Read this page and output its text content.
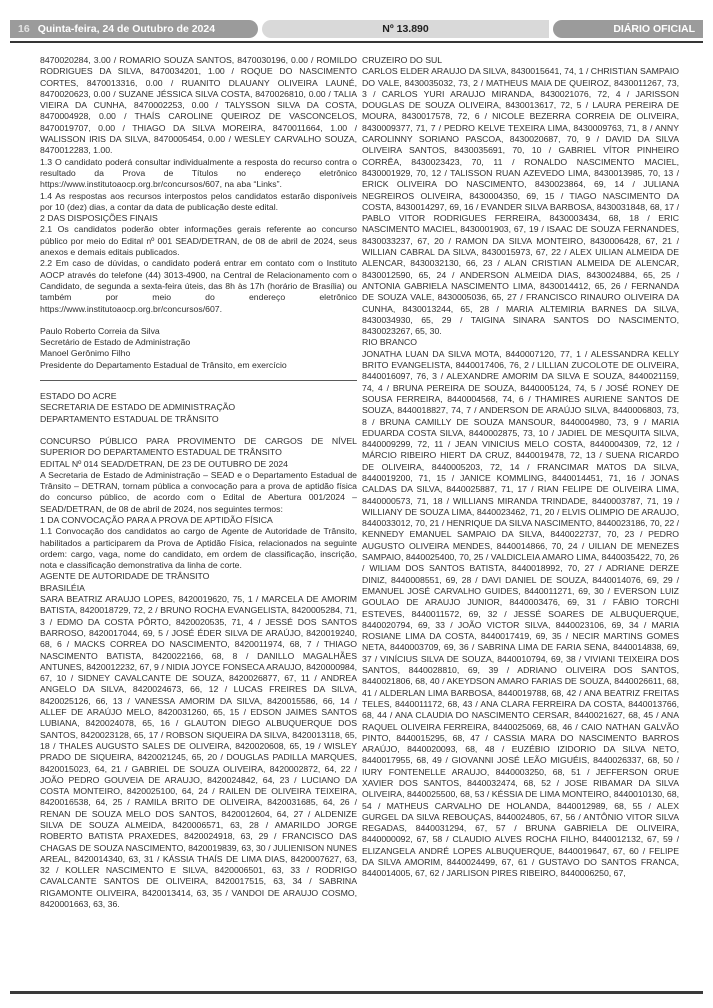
16 Quinta-feira, 24 de Outubro de 2024	Nº 13.890	DIÁRIO OFICIAL

8470020284, 3.00 / ROMARIO SOUZA SANTOS, 8470030196, 0.00 / ROMILDO RODRIGUES DA SILVA, 8470034201, 1.00 / ROQUE DO NASCIMENTO CORTES, 8470013316, 0.00 / RUANITO DLAUANY OLIVEIRA LAUNÉ, 8470020623, 0.00 / SUZANE JÉSSICA SILVA COSTA, 8470026810, 0.00 / TALIA VIEIRA DA CUNHA, 8470002253, 0.00 / TALYSSON SILVA DA COSTA, 8470004928, 0.00 / THAÍS CAROLINE QUEIROZ DE VASCONCELOS, 8470019707, 0.00 / THIAGO DA SILVA MOREIRA, 8470011664, 1.00 / WALISSON IRIS DA SILVA, 8470005454, 0.00 / WESLEY CARVALHO SOUZA, 8470012283, 1.00.

1.3 O candidato poderá consultar individualmente a resposta do recurso contra o resultado da Prova de Títulos no endereço eletrônico https://www.institutoaocp.org.br/concursos/607, na aba “Links”.

1.4 As respostas aos recursos interpostos pelos candidatos estarão disponíveis por 10 (dez) dias, a contar da data de publicação deste edital.

2 DAS DISPOSIÇÕES FINAIS

2.1 Os candidatos poderão obter informações gerais referente ao concurso público por meio do Edital nº 001 SEAD/DETRAN, de 08 de abril de 2024, seus anexos e demais editais publicados.

2.2 Em caso de dúvidas, o candidato poderá entrar em contato com o Instituto AOCP através do telefone (44) 3013-4900, na Central de Relacionamento com o Candidato, de segunda a sexta-feira úteis, das 8h às 17h (horário de Brasília) ou também por meio do endereço eletrônico https://www.institutoaocp.org.br/concursos/607.

Paulo Roberto Correia da Silva

Secretário de Estado de Administração

Manoel Gerônimo Filho

Presidente do Departamento Estadual de Trânsito, em exercício

ESTADO DO ACRE

SECRETARIA DE ESTADO DE ADMINISTRAÇÃO

DEPARTAMENTO ESTADUAL DE TRÂNSITO

CONCURSO PÚBLICO PARA PROVIMENTO DE CARGOS DE NÍVEL SUPERIOR DO DEPARTAMENTO ESTADUAL DE TRÂNSITO

EDITAL Nº 014 SEAD/DETRAN, DE 23 DE OUTUBRO DE 2024

A Secretaria de Estado de Administração – SEAD e o Departamento Estadual de Trânsito – DETRAN, tornam pública a convocação para a prova de aptidão física do concurso público, de acordo com o Edital de Abertura 001/2024 – SEAD/DETRAN, de 08 de abril de 2024, nos seguintes termos:

1 DA CONVOCAÇÃO PARA A PROVA DE APTIDÃO FÍSICA

1.1 Convocação dos candidatos ao cargo de Agente de Autoridade de Trânsito, habilitados a participarem da Prova de Aptidão Física, relacionados na seguinte ordem: cargo, vaga, nome do candidato, em ordem de classificação, inscrição, nota e classificação demonstrativa da linha de corte.

AGENTE DE AUTORIDADE DE TRÂNSITO

BRASILÉIA

SARA BEATRIZ ARAUJO LOPES, 8420019620, 75, 1 / MARCELA DE AMORIM BATISTA, 8420018729, 72, 2 / BRUNO ROCHA EVANGELISTA, 8420005284, 71, 3 / EDMO DA COSTA PÔRTO, 8420020535, 71, 4 / JESSÉ DOS SANTOS BARROSO, 8420017044, 69, 5 / JOSÉ ÉDER SILVA DE ARAÚJO, 8420019240, 68, 6 / MACKS CORREA DO NASCIMENTO, 8420011974, 68, 7 / THIAGO NASCIMENTO BATISTA, 8420022166, 68, 8 / DANILLO MAGALHÃES ANTUNES, 8420012232, 67, 9 / NIDIA JOYCE FONSECA ARAUJO, 8420000984, 67, 10 / SIDNEY CAVALCANTE DE SOUZA, 8420026877, 67, 11 / ANDREA ANGELO DA SILVA, 8420024673, 66, 12 / LUCAS FREIRES DA SILVA, 8420025126, 66, 13 / VANESSA AMORIM DA SILVA, 8420015586, 66, 14 / ALLEF DE ARAÚJO MELO, 8420031260, 65, 15 / EDSON JAIMES SANTOS LUBIANA, 8420024078, 65, 16 / GLAUTON DIEGO ALBUQUERQUE DOS SANTOS, 8420023128, 65, 17 / ROBSON SIQUEIRA DA SILVA, 8420013118, 65, 18 / THALES AUGUSTO SALES DE OLIVEIRA, 8420020608, 65, 19 / WISLEY PRADO DE SIQUEIRA, 8420021245, 65, 20 / DOUGLAS PADILLA MARQUES, 8420015023, 64, 21 / GABRIEL DE SOUZA OLIVEIRA, 8420002872, 64, 22 / JOÃO PEDRO GOUVEIA DE ARAUJO, 8420024842, 64, 23 / LUCIANO DA COSTA MONTEIRO, 8420025100, 64, 24 / RAILEN DE OLIVEIRA TEIXEIRA, 8420016538, 64, 25 / RAMILA BRITO DE OLIVEIRA, 8420031685, 64, 26 / RENAN DE SOUZA MELO DOS SANTOS, 8420012604, 64, 27 / ALDENIZE SILVA DE SOUZA ALMEIDA, 8420006571, 63, 28 / AMARILDO JORGE ROBERTO BATISTA PRAXEDES, 8420024918, 63, 29 / FRANCISCO DAS CHAGAS DE SOUZA NASCIMENTO, 8420019839, 63, 30 / JULIENISON NUNES AREAL, 8420014340, 63, 31 / KÁSSIA THAÍS DE LIMA DIAS, 8420007627, 63, 32 / KOLLER NASCIMENTO E SILVA, 8420006501, 63, 33 / RODRIGO CAVALCANTE SANTOS DE OLIVEIRA, 8420017515, 63, 34 / SABRINA RIGAMONTE OLIVEIRA, 8420013414, 63, 35 / VANDOI DE ARAUJO COSMO, 8420001663, 63, 36.

CRUZEIRO DO SUL

CARLOS ELDER ARAUJO DA SILVA, 8430015641, 74, 1 / CHRISTIAN SAMPAIO DO VALE, 8430035032, 73, 2 / MATHEUS MAIA DE QUEIROZ, 8430011267, 73, 3 / CARLOS YURI ARAUJO MIRANDA, 8430021076, 72, 4 / JARISSON DOUGLAS DE SOUZA OLIVEIRA, 8430013617, 72, 5 / LAURA PEREIRA DE MOURA, 8430017578, 72, 6 / NICOLE BEZERRA CORREIA DE OLIVEIRA, 8430009377, 71, 7 / PEDRO KELVE TEXEIRA LIMA, 8430009763, 71, 8 / ANNY CAROLINNY SORIANO PASCOA, 8430020687, 70, 9 / DAVID DA SILVA OLIVEIRA SANTOS, 8430035691, 70, 10 / GABRIEL VÍTOR PINHEIRO CORRÊA, 8430023423, 70, 11 / RONALDO NASCIMENTO MACIEL, 8430001929, 70, 12 / TALISSON RUAN AZEVEDO LIMA, 8430013985, 70, 13 / ERICK OLIVEIRA DO NASCIMENTO, 8430023864, 69, 14 / JULIANA NEGREIROS OLIVEIRA, 8430004350, 69, 15 / TIAGO NASCIMENTO DA COSTA, 8430014297, 69, 16 / EVANDER SILVA BARBOSA, 8430031848, 68, 17 / PABLO VITOR RODRIGUES FERREIRA, 8430003434, 68, 18 / ERIC NASCIMENTO MACIEL, 8430001903, 67, 19 / ISAAC DE SOUZA FERNANDES, 8430033237, 67, 20 / RAMON DA SILVA MONTEIRO, 8430006428, 67, 21 / WILLIAN CABRAL DA SILVA, 8430015973, 67, 22 / ALEX UILIAN ALMEIDA DE ALENCAR, 8430032130, 66, 23 / ALAN CRISTIAN ALMEIDA DE ALENCAR, 8430012590, 65, 24 / ANDERSON ALMEIDA DIAS, 8430024884, 65, 25 / ANTONIA GABRIELA NASCIMENTO LIMA, 8430014412, 65, 26 / FERNANDA DE SOUZA VALE, 8430005036, 65, 27 / FRANCISCO RINAURO OLIVEIRA DA CUNHA, 8430013244, 65, 28 / MARIA ALTEMIRIA BARNES DA SILVA, 8430034930, 65, 29 / TAIGINA SINARA SANTOS DO NASCIMENTO, 8430023267, 65, 30.

RIO BRANCO

JONATHA LUAN DA SILVA MOTA, 8440007120, 77, 1 / ALESSANDRA KELLY BRITO EVANGELISTA, 8440017406, 76, 2 / LILLIAN ZUCOLOTE DE OLIVEIRA, 8440016097, 76, 3 / ALEXANDRE AMORIM DA SILVA E SOUZA, 8440021159, 74, 4 / BRUNA PEREIRA DE SOUZA, 8440005124, 74, 5 / JOSÉ RONEY DE SOUSA FERREIRA, 8440004568, 74, 6 / THAMIRES AURIENE SANTOS DE SOUZA, 8440018827, 74, 7 / ANDERSON DE ARAÚJO SILVA, 8440006803, 73, 8 / BRUNA CAMILLY DE SOUZA MANSOUR, 8440004980, 73, 9 / MARIA EDUARDA COSTA SILVA, 8440002875, 73, 10 / JADIEL DE MESQUITA SILVA, 8440009299, 72, 11 / JEAN VINICIUS MELO COSTA, 8440004309, 72, 12 / MÁRCIO RIBEIRO HIERT DA CRUZ, 8440019478, 72, 13 / SUENA RICARDO DE OLIVEIRA, 8440005203, 72, 14 / FRANCIMAR MATOS DA SILVA, 8440019200, 71, 15 / JANICE KOMMLING, 8440014451, 71, 16 / JONAS CALDAS DA SILVA, 8440025887, 71, 17 / RIAN FELIPE DE OLIVEIRA LIMA, 8440000573, 71, 18 / WILLIANS MIRANDA TRINDADE, 8440003787, 71, 19 / WILLIANY DE SOUZA LIMA, 8440023462, 71, 20 / ELVIS OLIMPIO DE ARAUJO, 8440033012, 70, 21 / HENRIQUE DA SILVA NASCIMENTO, 8440023186, 70, 22 / KENNEDY EMANUEL SAMPAIO DA SILVA, 8440022737, 70, 23 / PEDRO AUGUSTO OLIVEIRA MENDES, 8440014866, 70, 24 / UILIAN DE MENEZES SAMPAIO, 8440025400, 70, 25 / VALDICLEIA AMARO LIMA, 8440035422, 70, 26 / WILIAM DOS SANTOS BATISTA, 8440018992, 70, 27 / ADRIANE DERZE DINIZ, 8440008551, 69, 28 / DAVI DANIEL DE SOUZA, 8440014076, 69, 29 / EMANUEL JOSÉ CARVALHO GUIDES, 8440011271, 69, 30 / EVERSON LUIZ GOULAO DE ARAUJO JUNIOR, 8440003476, 69, 31 / FÁBIO TORCHI ESTEVES, 8440011572, 69, 32 / JESSÉ SOARES DE ALBUQUERQUE, 8440020794, 69, 33 / JOÃO VICTOR SILVA, 8440023106, 69, 34 / MARIA ROSIANE LIMA DA COSTA, 8440017419, 69, 35 / NECIR MARTINS GOMES NETA, 8440003709, 69, 36 / SABRINA LIMA DE FARIA SENA, 8440014838, 69, 37 / VINÍCIUS SILVA DE SOUZA, 8440010794, 69, 38 / VIVIANI TEIXEIRA DOS SANTOS, 8440028810, 69, 39 / ADRIANO OLIVEIRA DOS SANTOS, 8440021806, 68, 40 / AKEYDSON AMARO FARIAS DE SOUZA, 8440026611, 68, 41 / ALDERLAN LIMA BARBOSA, 8440019788, 68, 42 / ANA BEATRIZ FREITAS TELES, 8440011172, 68, 43 / ANA CLARA FERREIRA DA COSTA, 8440013766, 68, 44 / ANA CLAUDIA DO NASCIMENTO CERSAR, 8440021627, 68, 45 / ANA RAQUEL OLIVEIRA FERREIRA, 8440025069, 68, 46 / CAIO NATHAN GALVÃO PINTO, 8440015295, 68, 47 / CASSIA MARA DO NASCIMENTO BARROS ARAÚJO, 8440020093, 68, 48 / EUZÉBIO IZIDORIO DA SILVA NETO, 8440017955, 68, 49 / GIOVANNI JOSÉ LEÃO MIGUÉIS, 8440026337, 68, 50 / IURY FONTENELLE ARAUJO, 8440003250, 68, 51 / JEFFERSON ORUE XAVIER DOS SANTOS, 8440032474, 68, 52 / JOSE RIBAMAR DA SILVA OLIVEIRA, 8440025500, 68, 53 / KÉSSIA DE LIMA MONTEIRO, 8440010130, 68, 54 / MATHEUS CARVALHO DE HOLANDA, 8440012989, 68, 55 / ALEX GURGEL DA SILVA REBOUÇAS, 8440024805, 67, 56 / ANTÔNIO VITOR SILVA REGADAS, 8440031294, 67, 57 / BRUNA GABRIELA DE OLIVEIRA, 8440000092, 67, 58 / CLAUDIO ALVES ROCHA FILHO, 8440012132, 67, 59 / ELIZANGELA ANDRÉ LOPES ALBUQUERQUE, 8440019647, 67, 60 / FELIPE DA SILVA AMORIM, 8440024499, 67, 61 / GUSTAVO DO SANTOS FRANCA, 8440014005, 67, 62 / JARLISON PIRES RIBEIRO, 8440006250, 67,
